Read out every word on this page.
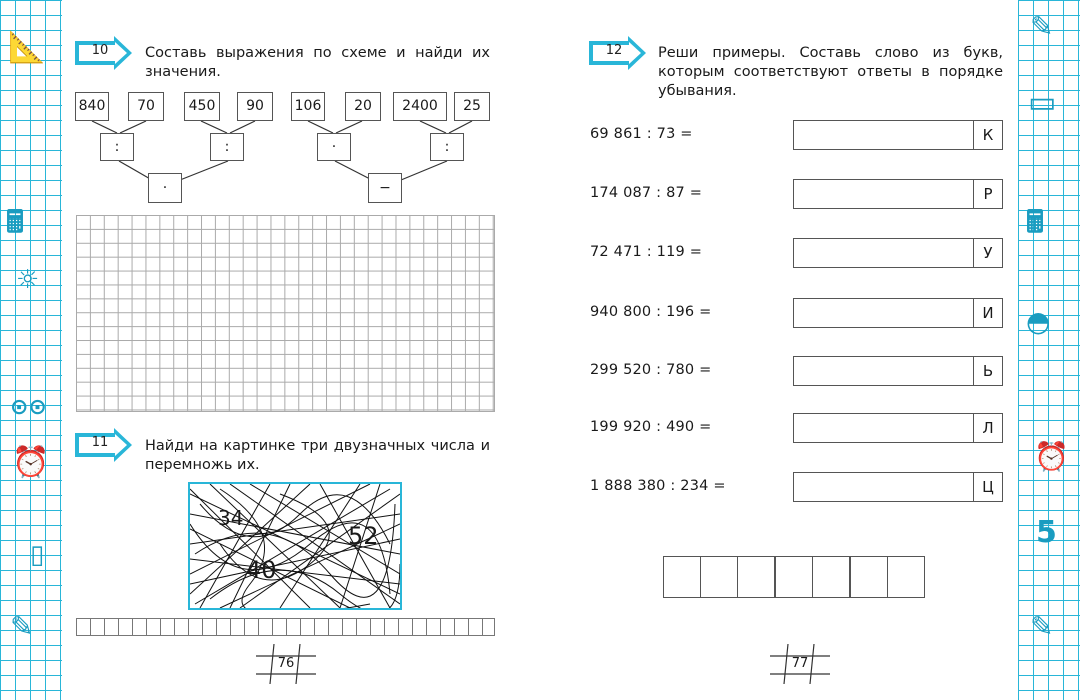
📐
🖩
☼
⊙⊙
⏰
▯
✎
✎
▭
🖩
◓
⏰
5
✎
10	Составь выражения по схеме и найди их значения.
840	70	450	90	106	20	2400	25
:	:	·	:
·	−
11	Найди на картинке три двузначных числа и перемножь их.
34
52
40
76
12	Реши примеры. Составь слово из букв, которым соответствуют ответы в порядке убывания.
69 861 : 73 =	К
174 087 : 87 =	Р
72 471 : 119 =	У
940 800 : 196 =	И
299 520 : 780 =	Ь
199 920 : 490 =	Л
1 888 380 : 234 =	Ц
77
